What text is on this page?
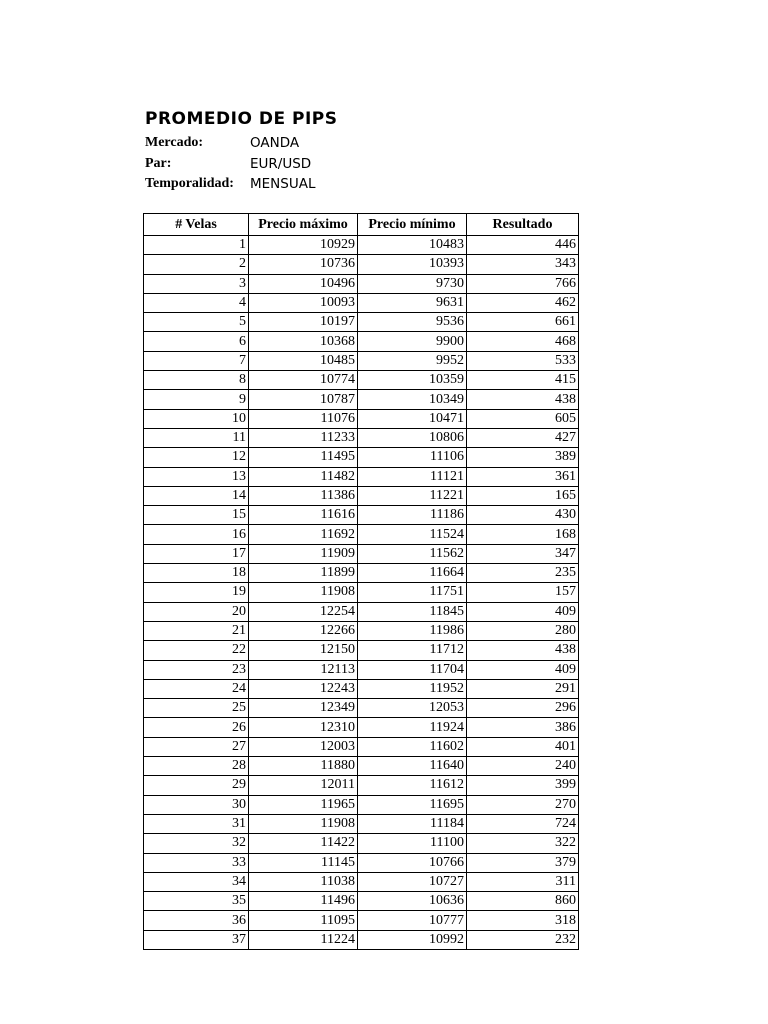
PROMEDIO DE PIPS
Mercado:	OANDA
Par:	EUR/USD
Temporalidad:	MENSUAL
# Velas	Precio máximo	Precio mínimo	Resultado
1	10929	10483	446
2	10736	10393	343
3	10496	9730	766
4	10093	9631	462
5	10197	9536	661
6	10368	9900	468
7	10485	9952	533
8	10774	10359	415
9	10787	10349	438
10	11076	10471	605
11	11233	10806	427
12	11495	11106	389
13	11482	11121	361
14	11386	11221	165
15	11616	11186	430
16	11692	11524	168
17	11909	11562	347
18	11899	11664	235
19	11908	11751	157
20	12254	11845	409
21	12266	11986	280
22	12150	11712	438
23	12113	11704	409
24	12243	11952	291
25	12349	12053	296
26	12310	11924	386
27	12003	11602	401
28	11880	11640	240
29	12011	11612	399
30	11965	11695	270
31	11908	11184	724
32	11422	11100	322
33	11145	10766	379
34	11038	10727	311
35	11496	10636	860
36	11095	10777	318
37	11224	10992	232
